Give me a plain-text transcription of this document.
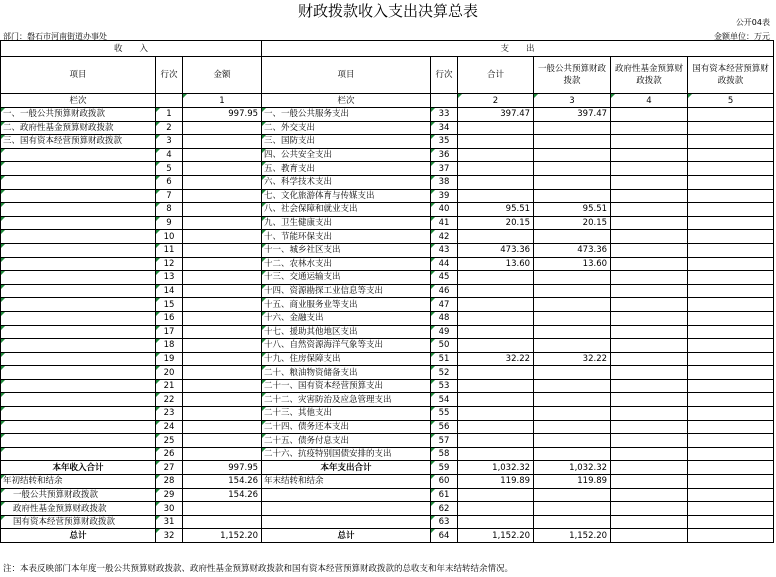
财政拨款收入支出决算总表
公开04表
部门：磐石市河南街道办事处	金额单位：万元
收　　入			支　　出					
项目	行次	金额	项目	行次	合计	一般公共预算财政拨款	政府性基金预算财政拨款	国有资本经营预算财政拨款
栏次		1	栏次		2	3	4	5
一、一般公共预算财政拨款	1	997.95	一、一般公共服务支出	33	397.47	397.47		
二、政府性基金预算财政拨款	2		二、外交支出	34				
三、国有资本经营预算财政拨款	3		三、国防支出	35				
	4		四、公共安全支出	36				
	5		五、教育支出	37				
	6		六、科学技术支出	38				
	7		七、文化旅游体育与传媒支出	39				
	8		八、社会保障和就业支出	40	95.51	95.51		
	9		九、卫生健康支出	41	20.15	20.15		
	10		十、节能环保支出	42				
	11		十一、城乡社区支出	43	473.36	473.36		
	12		十二、农林水支出	44	13.60	13.60		
	13		十三、交通运输支出	45				
	14		十四、资源勘探工业信息等支出	46				
	15		十五、商业服务业等支出	47				
	16		十六、金融支出	48				
	17		十七、援助其他地区支出	49				
	18		十八、自然资源海洋气象等支出	50				
	19		十九、住房保障支出	51	32.22	32.22		
	20		二十、粮油物资储备支出	52				
	21		二十一、国有资本经营预算支出	53				
	22		二十二、灾害防治及应急管理支出	54				
	23		二十三、其他支出	55				
	24		二十四、债务还本支出	56				
	25		二十五、债务付息支出	57				
	26		二十六、抗疫特别国债安排的支出	58				
本年收入合计	27	997.95	本年支出合计	59	1,032.32	1,032.32		
年初结转和结余	28	154.26	年末结转和结余	60	119.89	119.89		
一般公共预算财政拨款	29	154.26		61				
政府性基金预算财政拨款	30			62				
国有资本经营预算财政拨款	31			63				
总计	32	1,152.20	总计	64	1,152.20	1,152.20		
注：本表反映部门本年度一般公共预算财政拨款、政府性基金预算财政拨款和国有资本经营预算财政拨款的总收支和年末结转结余情况。
